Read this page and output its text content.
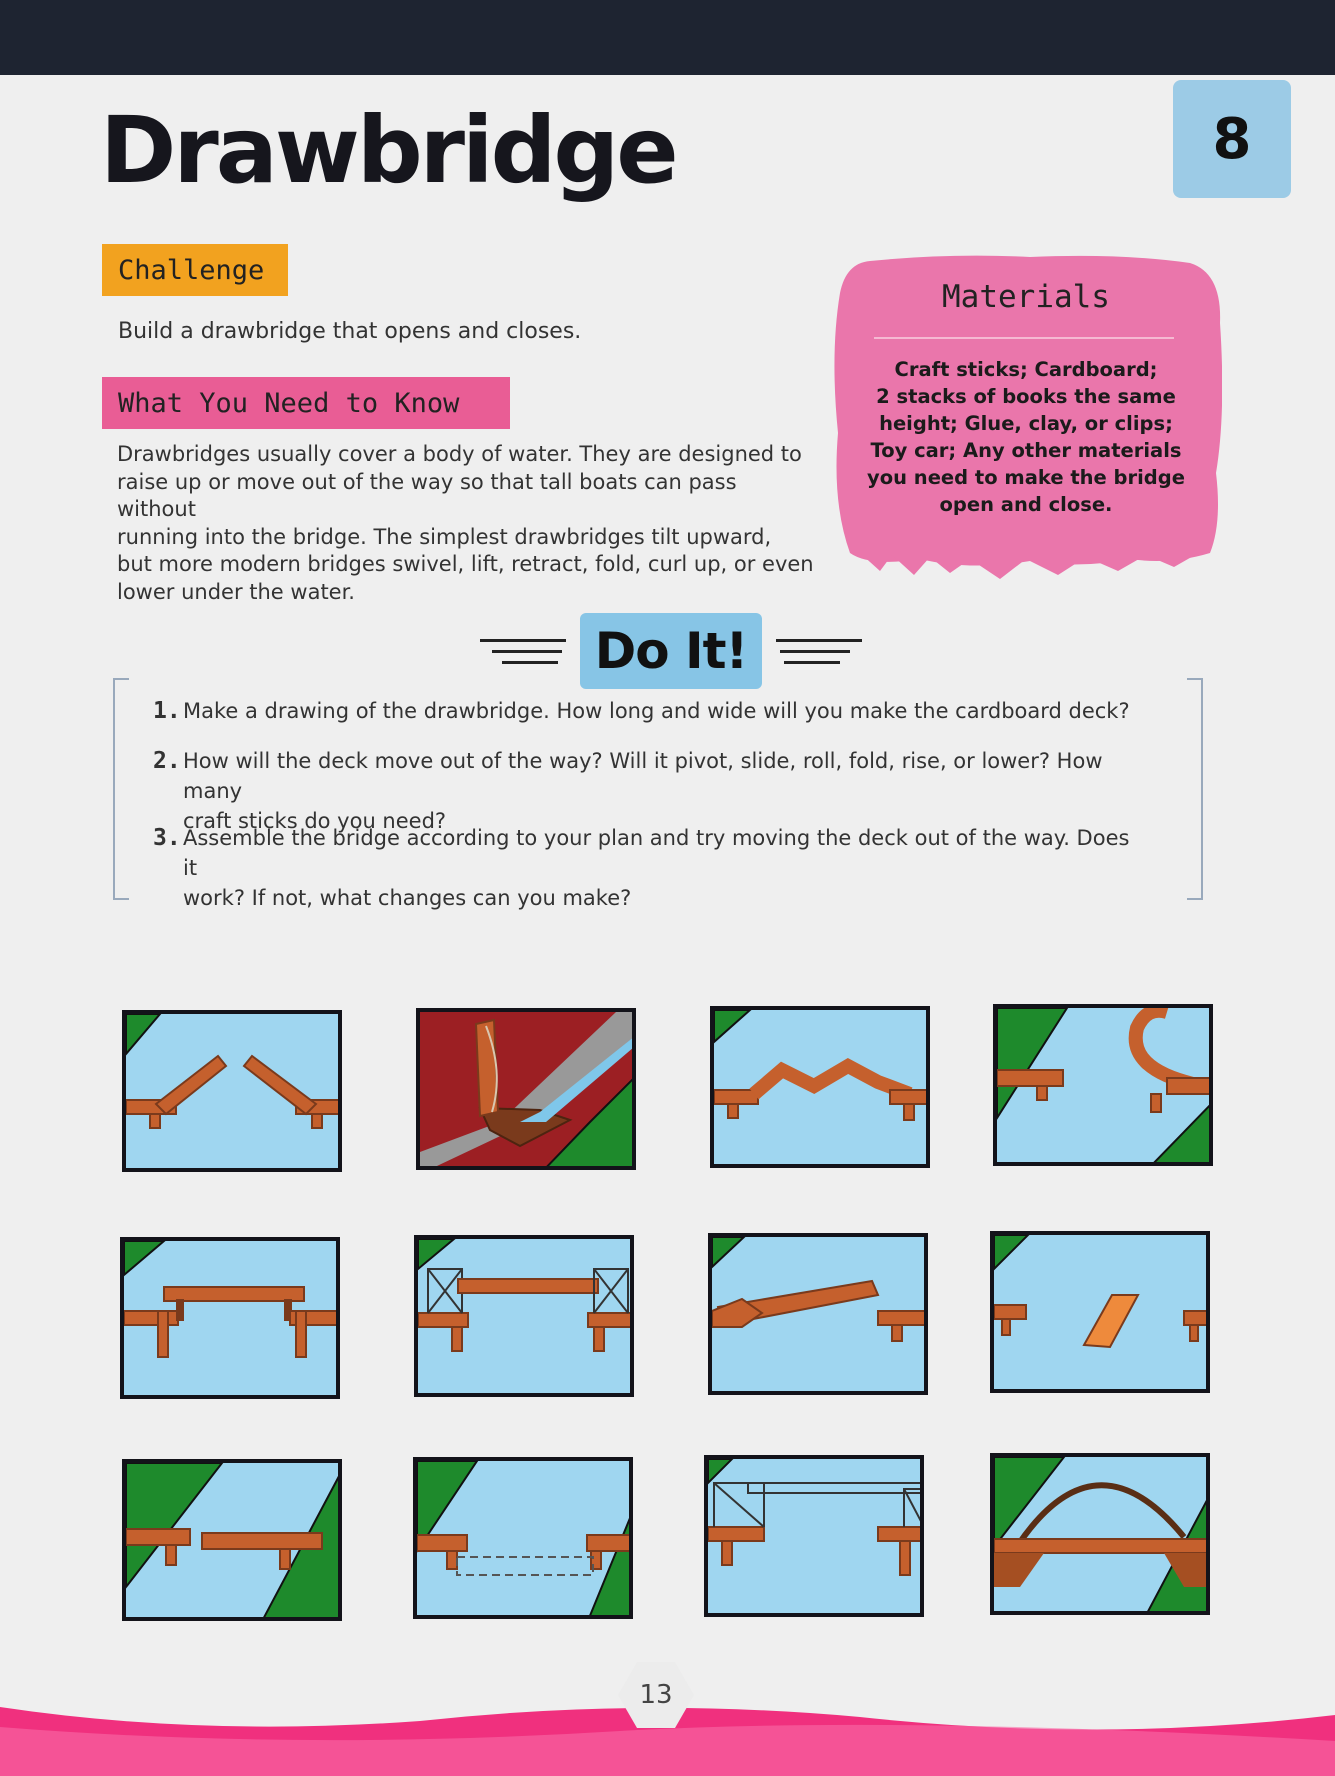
Drawbridge	8
Challenge

Build a drawbridge that opens and closes.

What You Need to Know
Drawbridges usually cover a body of water. They are designed to
raise up or move out of the way so that tall boats can pass without
running into the bridge. The simplest drawbridges tilt upward,
but more modern bridges swivel, lift, retract, fold, curl up, or even
lower under the water.
Materials
Craft sticks; Cardboard;
2 stacks of books the same
height; Glue, clay, or clips;
Toy car; Any other materials
you need to make the bridge
open and close.
Do It!
1. Make a drawing of the drawbridge. How long and wide will you make the cardboard deck?
2. How will the deck move out of the way? Will it pivot, slide, roll, fold, rise, or lower? How many
craft sticks do you need?
3. Assemble the bridge according to your plan and try moving the deck out of the way. Does it
work? If not, what changes can you make?
13
